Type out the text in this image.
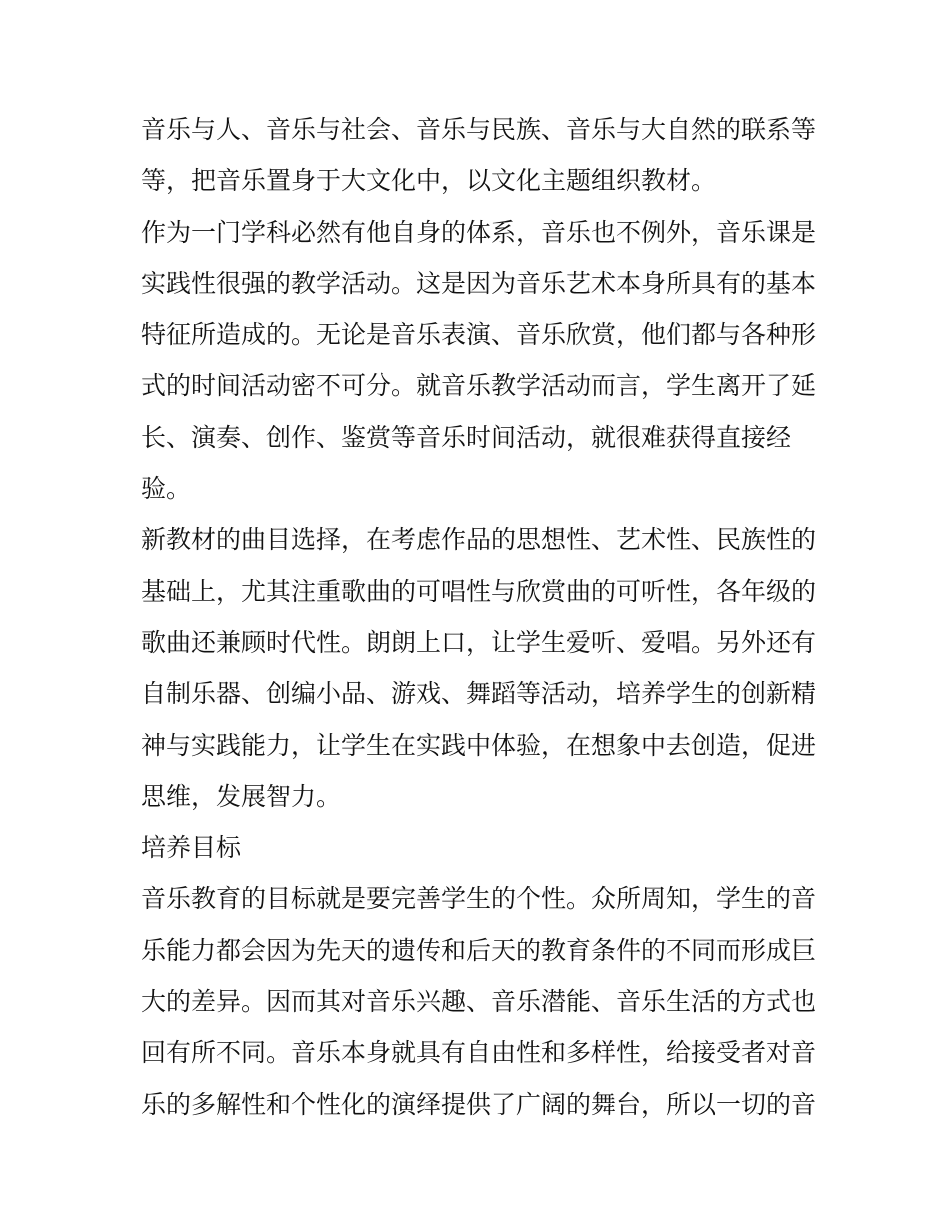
音乐与人、音乐与社会、音乐与民族、音乐与大自然的联系等等，把音乐置身于大文化中，以文化主题组织教材。

作为一门学科必然有他自身的体系，音乐也不例外，音乐课是实践性很强的教学活动。这是因为音乐艺术本身所具有的基本特征所造成的。无论是音乐表演、音乐欣赏，他们都与各种形式的时间活动密不可分。就音乐教学活动而言，学生离开了延长、演奏、创作、鉴赏等音乐时间活动，就很难获得直接经验。

新教材的曲目选择，在考虑作品的思想性、艺术性、民族性的基础上，尤其注重歌曲的可唱性与欣赏曲的可听性，各年级的歌曲还兼顾时代性。朗朗上口，让学生爱听、爱唱。另外还有自制乐器、创编小品、游戏、舞蹈等活动，培养学生的创新精神与实践能力，让学生在实践中体验，在想象中去创造，促进思维，发展智力。

培养目标

音乐教育的目标就是要完善学生的个性。众所周知，学生的音乐能力都会因为先天的遗传和后天的教育条件的不同而形成巨大的差异。因而其对音乐兴趣、音乐潜能、音乐生活的方式也回有所不同。音乐本身就具有自由性和多样性，给接受者对音乐的多解性和个性化的演绎提供了广阔的舞台，所以一切的音
